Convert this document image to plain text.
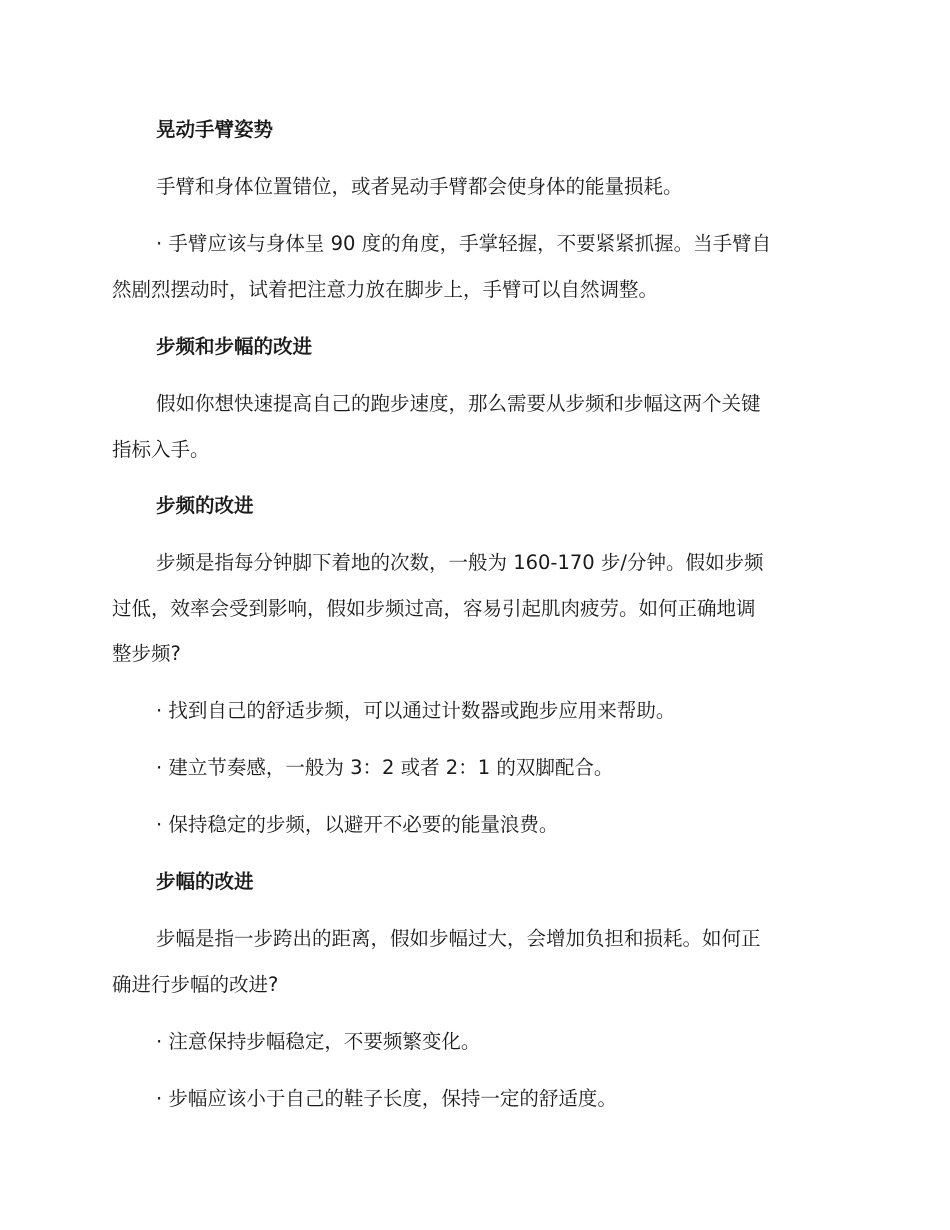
晃动手臂姿势
手臂和身体位置错位，或者晃动手臂都会使身体的能量损耗。
· 手臂应该与身体呈 90 度的角度，手掌轻握，不要紧紧抓握。当手臂自
然剧烈摆动时，试着把注意力放在脚步上，手臂可以自然调整。
步频和步幅的改进
假如你想快速提高自己的跑步速度，那么需要从步频和步幅这两个关键
指标入手。
步频的改进
步频是指每分钟脚下着地的次数，一般为 160-170 步/分钟。假如步频
过低，效率会受到影响，假如步频过高，容易引起肌肉疲劳。如何正确地调
整步频?
· 找到自己的舒适步频，可以通过计数器或跑步应用来帮助。
· 建立节奏感，一般为 3：2 或者 2：1 的双脚配合。
· 保持稳定的步频，以避开不必要的能量浪费。
步幅的改进
步幅是指一步跨出的距离，假如步幅过大，会增加负担和损耗。如何正
确进行步幅的改进?
· 注意保持步幅稳定，不要频繁变化。
· 步幅应该小于自己的鞋子长度，保持一定的舒适度。
